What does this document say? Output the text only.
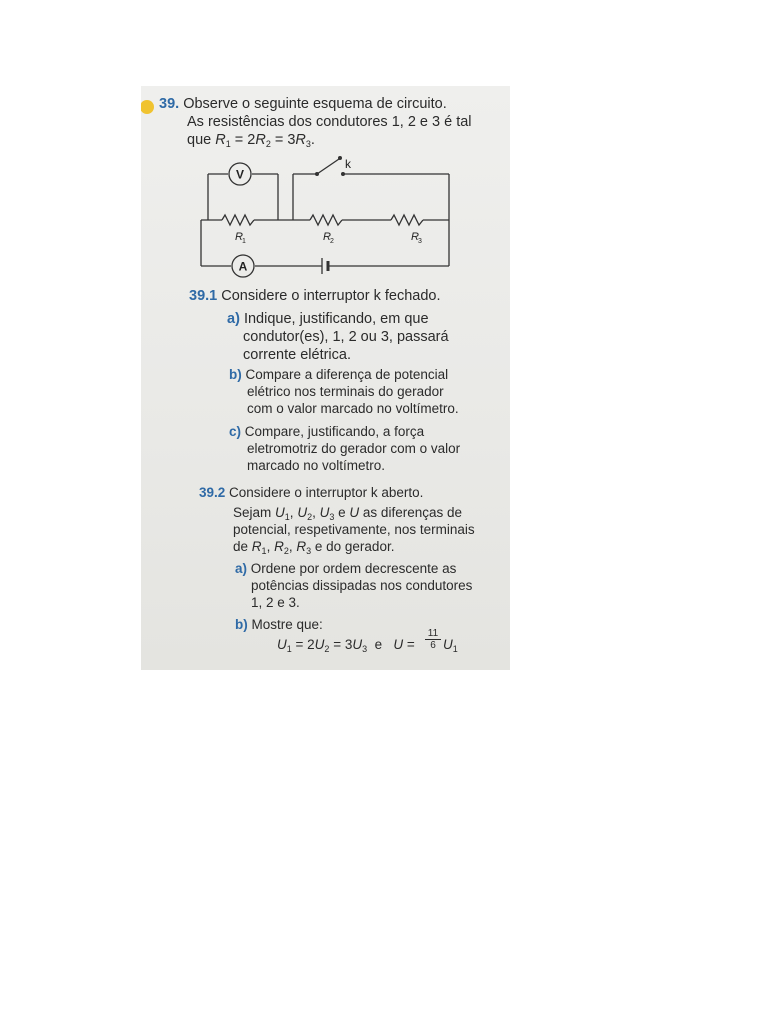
39. Observe o seguinte esquema de circuito.
As resistências dos condutores 1, 2 e 3 é tal
que $R_1 = 2R_2 = 3R_3$.
V
A
k
R 1	R 2	R 3
39.1 Considere o interruptor k fechado.
a) Indique, justificando, em que
condutor(es), 1, 2 ou 3, passará
corrente elétrica.
b) Compare a diferença de potencial
elétrico nos terminais do gerador
com o valor marcado no voltímetro.
c) Compare, justificando, a força
eletromotriz do gerador com o valor
marcado no voltímetro.
39.2 Considere o interruptor k aberto.
Sejam $U_1$, $U_2$, $U_3$ e U as diferenças de
potencial, respetivamente, nos terminais
de $R_1$, $R_2$, $R_3$ e do gerador.
a) Ordene por ordem decrescente as
potências dissipadas nos condutores
1, 2 e 3.
b) Mostre que:
$U_1 = 2U_2 = 3U_3$ e U =
11
6 $U_1$
